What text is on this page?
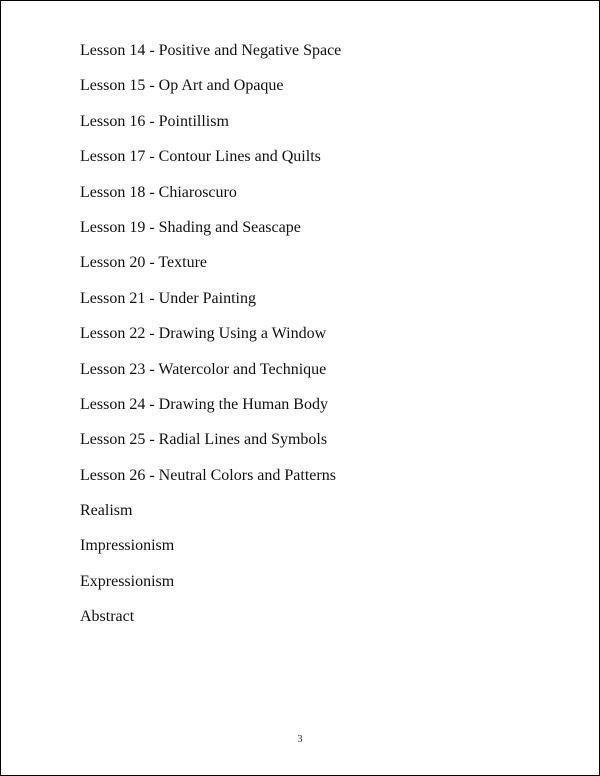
Lesson 14 - Positive and Negative Space
Lesson 15 - Op Art and Opaque
Lesson 16 - Pointillism
Lesson 17 - Contour Lines and Quilts
Lesson 18 - Chiaroscuro
Lesson 19 - Shading and Seascape
Lesson 20 - Texture
Lesson 21 - Under Painting
Lesson 22 - Drawing Using a Window
Lesson 23 - Watercolor and Technique
Lesson 24 - Drawing the Human Body
Lesson 25 - Radial Lines and Symbols
Lesson 26 - Neutral Colors and Patterns
Realism
Impressionism
Expressionism
Abstract
3
